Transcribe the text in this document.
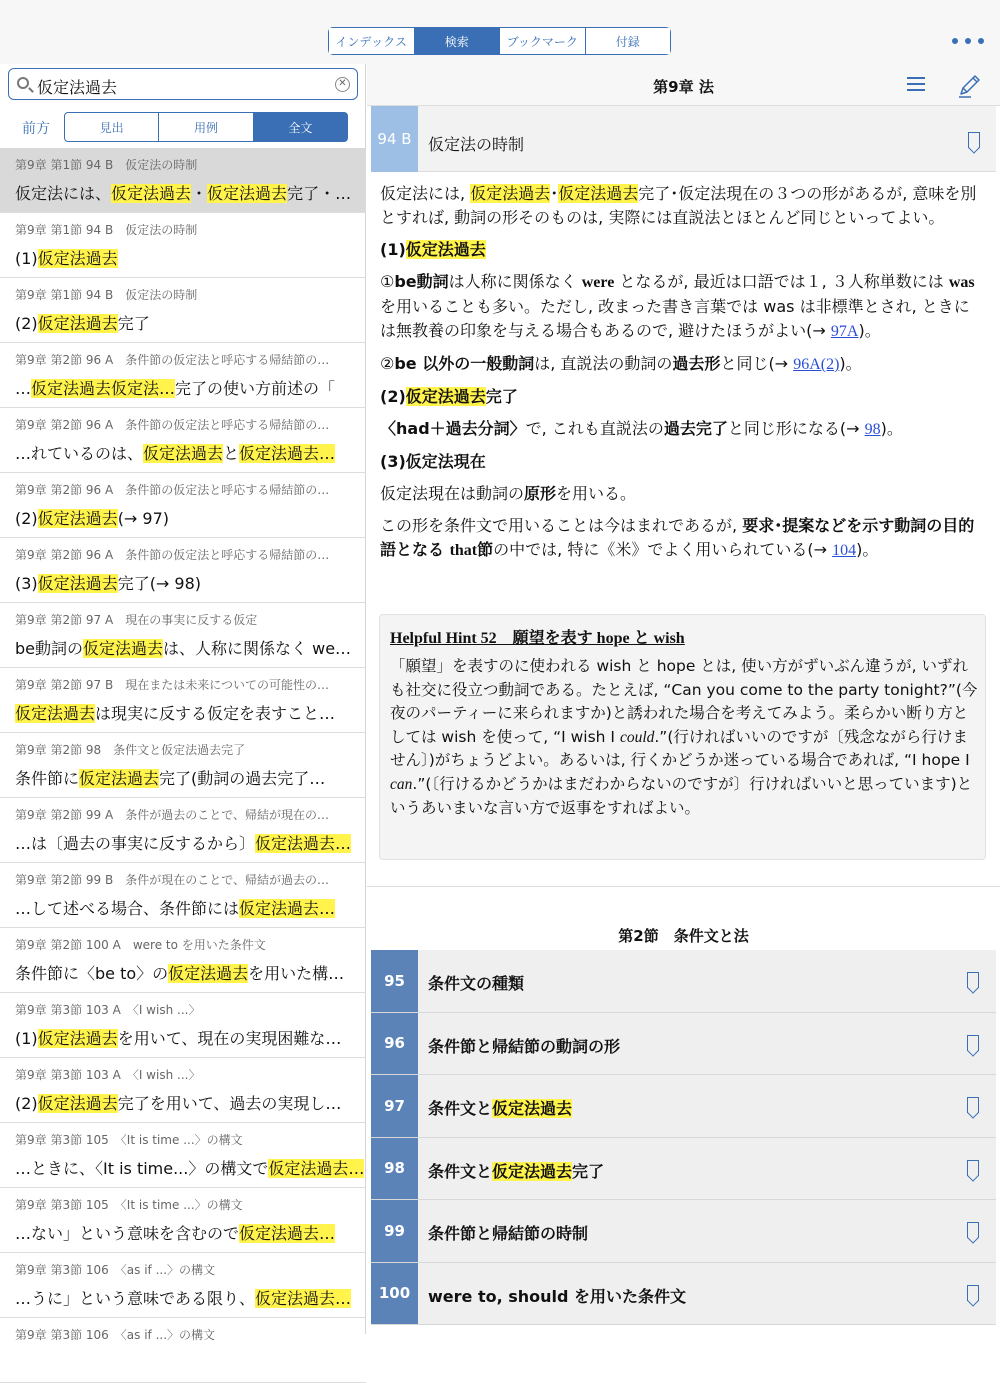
インデックス	検索	ブックマーク	付録
仮定法過去	✕
前方	見出	用例	全文
第9章 第1節 94 B　仮定法の時制
仮定法には、仮定法過去・仮定法過去完了・…
第9章 第1節 94 B　仮定法の時制
(1)仮定法過去
第9章 第1節 94 B　仮定法の時制
(2)仮定法過去完了
第9章 第2節 96 A　条件節の仮定法と呼応する帰結節の…
…仮定法過去仮定法…完了の使い方前述の「
第9章 第2節 96 A　条件節の仮定法と呼応する帰結節の…
…れているのは、仮定法過去と仮定法過去…
第9章 第2節 96 A　条件節の仮定法と呼応する帰結節の…
(2)仮定法過去(→ 97)
第9章 第2節 96 A　条件節の仮定法と呼応する帰結節の…
(3)仮定法過去完了(→ 98)
第9章 第2節 97 A　現在の事実に反する仮定
be動詞の仮定法過去は、人称に関係なく we…
第9章 第2節 97 B　現在または未来についての可能性の…
仮定法過去は現実に反する仮定を表すこと…
第9章 第2節 98　条件文と仮定法過去完了
条件節に仮定法過去完了(動詞の過去完了…
第9章 第2節 99 A　条件が過去のことで、帰結が現在の…
…は〔過去の事実に反するから〕仮定法過去…
第9章 第2節 99 B　条件が現在のことで、帰結が過去の…
…して述べる場合、条件節には仮定法過去…
第9章 第2節 100 A　were to を用いた条件文
条件節に〈be to〉の仮定法過去を用いた構…
第9章 第3節 103 A　〈I wish ...〉
(1)仮定法過去を用いて、現在の実現困難な…
第9章 第3節 103 A　〈I wish ...〉
(2)仮定法過去完了を用いて、過去の実現し…
第9章 第3節 105　〈It is time ...〉の構文
…ときに、〈It is time...〉の構文で仮定法過去…
第9章 第3節 105　〈It is time ...〉の構文
…ない」という意味を含むので仮定法過去…
第9章 第3節 106　〈as if ...〉の構文
…うに」という意味である限り、仮定法過去…
第9章 第3節 106　〈as if ...〉の構文
第9章 法
94 B	仮定法の時制

仮定法には, 仮定法過去･仮定法過去完了･仮定法現在の３つの形があるが, 意味を別とすれば, 動詞の形そのものは, 実際には直説法とほとんど同じといってよい。

(1)仮定法過去

①be動詞は人称に関係なく were となるが, 最近は口語では１, ３人称単数には was を用いることも多い。ただし, 改まった書き言葉では was は非標準とされ, ときには無教養の印象を与える場合もあるので, 避けたほうがよい(→ 97A)。

②be 以外の一般動詞は, 直説法の動詞の過去形と同じ(→ 96A(2))。

(2)仮定法過去完了

〈had＋過去分詞〉で, これも直説法の過去完了と同じ形になる(→ 98)。

(3)仮定法現在

仮定法現在は動詞の原形を用いる。

この形を条件文で用いることは今はまれであるが, 要求･提案などを示す動詞の目的語となる that節の中では, 特に《米》でよく用いられている(→ 104)。

Helpful Hint 52　願望を表す hope と wish
「願望」を表すのに使われる wish と hope とは, 使い方がずいぶん違うが, いずれも社交に役立つ動詞である。たとえば, “Can you come to the party tonight?”(今夜のパーティーに来られますか)と誘われた場合を考えてみよう。柔らかい断り方としては wish を使って, “I wish I could.”(行ければいいのですが〔残念ながら行けません〕)がちょうどよい。あるいは, 行くかどうか迷っている場合であれば, “I hope I can.”(〔行けるかどうかはまだわからないのですが〕行ければいいと思っています)というあいまいな言い方で返事をすればよい。
第2節　条件文と法
95	条件文の種類
96	条件節と帰結節の動詞の形
97	条件文と仮定法過去
98	条件文と仮定法過去完了
99	条件節と帰結節の時制
100	were to, should を用いた条件文
